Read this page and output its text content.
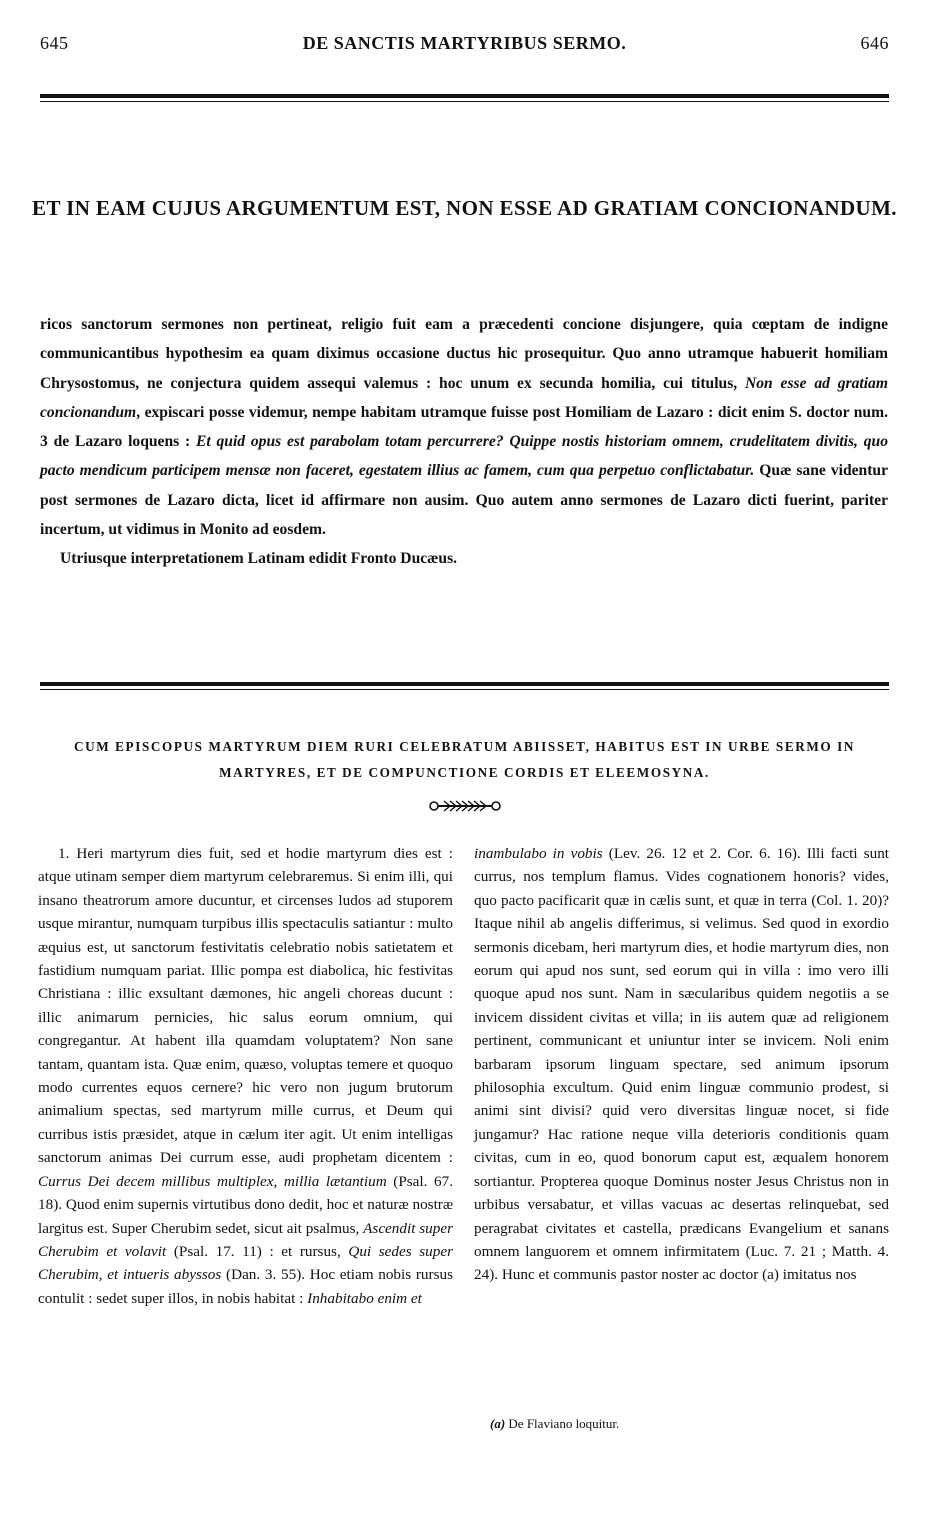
645	DE SANCTIS MARTYRIBUS SERMO.	646
ET IN EAM CUJUS ARGUMENTUM EST, NON ESSE AD GRATIAM CONCIONANDUM.

ricos sanctorum sermones non pertineat, religio fuit eam a præcedenti concione disjungere, quia cœptam de indigne communicantibus hypothesim ea quam diximus occasione ductus hic prosequitur. Quo anno utramque habuerit homiliam Chrysostomus, ne conjectura quidem assequi valemus : hoc unum ex secunda homilia, cui titulus, Non esse ad gratiam concionandum, expiscari posse videmur, nempe habitam utramque fuisse post Homiliam de Lazaro : dicit enim S. doctor num. 3 de Lazaro loquens : Et quid opus est parabolam totam percurrere? Quippe nostis historiam omnem, crudelitatem divitis, quo pacto mendicum participem mensæ non faceret, egestatem illius ac famem, cum qua perpetuo conflictabatur. Quæ sane videntur post sermones de Lazaro dicta, licet id affirmare non ausim. Quo autem anno sermones de Lazaro dicti fuerint, pariter incertum, ut vidimus in Monito ad eosdem.

Utriusque interpretationem Latinam edidit Fronto Ducæus.

CUM EPISCOPUS MARTYRUM DIEM RURI CELEBRATUM ABIISSET, HABITUS EST IN URBE SERMO IN
MARTYRES, ET DE COMPUNCTIONE CORDIS ET ELEEMOSYNA.

1. Heri martyrum dies fuit, sed et hodie martyrum dies est : atque utinam semper diem martyrum celebraremus. Si enim illi, qui insano theatrorum amore ducuntur, et circenses ludos ad stuporem usque mirantur, numquam turpibus illis spectaculis satiantur : multo æquius est, ut sanctorum festivitatis celebratio nobis satietatem et fastidium numquam pariat. Illic pompa est diabolica, hic festivitas Christiana : illic exsultant dæmones, hic angeli choreas ducunt : illic animarum pernicies, hic salus eorum omnium, qui congregantur. At habent illa quamdam voluptatem? Non sane tantam, quantam ista. Quæ enim, quæso, voluptas temere et quoquo modo currentes equos cernere? hic vero non jugum brutorum animalium spectas, sed martyrum mille currus, et Deum qui curribus istis præsidet, atque in cælum iter agit. Ut enim intelligas sanctorum animas Dei currum esse, audi prophetam dicentem : Currus Dei decem millibus multiplex, millia lætantium (Psal. 67. 18). Quod enim supernis virtutibus dono dedit, hoc et naturæ nostræ largitus est. Super Cherubim sedet, sicut ait psalmus, Ascendit super Cherubim et volavit (Psal. 17. 11) : et rursus, Qui sedes super Cherubim, et intueris abyssos (Dan. 3. 55). Hoc etiam nobis rursus contulit : sedet super illos, in nobis habitat : Inhabitabo enim et

inambulabo in vobis (Lev. 26. 12 et 2. Cor. 6. 16). Illi facti sunt currus, nos templum flamus. Vides cognationem honoris? vides, quo pacto pacificarit quæ in cælis sunt, et quæ in terra (Col. 1. 20)? Itaque nihil ab angelis differimus, si velimus. Sed quod in exordio sermonis dicebam, heri martyrum dies, et hodie martyrum dies, non eorum qui apud nos sunt, sed eorum qui in villa : imo vero illi quoque apud nos sunt. Nam in sæcularibus quidem negotiis a se invicem dissident civitas et villa; in iis autem quæ ad religionem pertinent, communicant et uniuntur inter se invicem. Noli enim barbaram ipsorum linguam spectare, sed animum ipsorum philosophia excultum. Quid enim linguæ communio prodest, si animi sint divisi? quid vero diversitas linguæ nocet, si fide jungamur? Hac ratione neque villa deterioris conditionis quam civitas, cum in eo, quod bonorum caput est, æqualem honorem sortiantur. Propterea quoque Dominus noster Jesus Christus non in urbibus versabatur, et villas vacuas ac desertas relinquebat, sed peragrabat civitates et castella, prædicans Evangelium et sanans omnem languorem et omnem infirmitatem (Luc. 7. 21 ; Matth. 4. 24). Hunc et communis pastor noster ac doctor (a) imitatus nos

(a) De Flaviano loquitur.
